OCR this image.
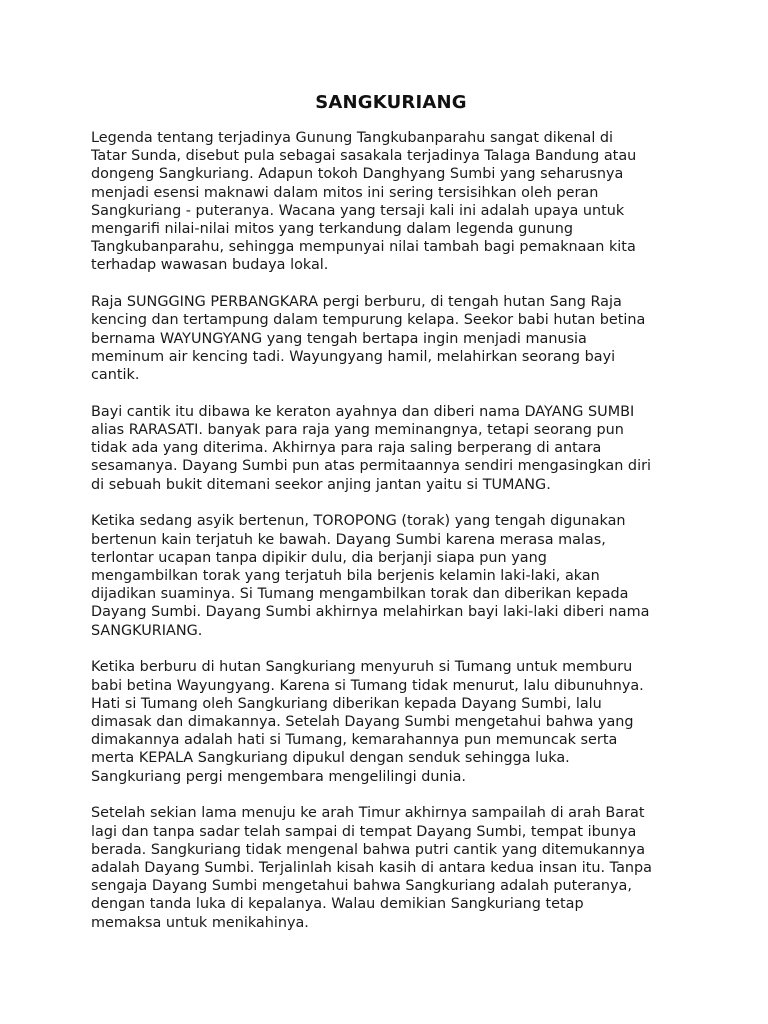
SANGKURIANG

Legenda tentang terjadinya Gunung Tangkubanparahu sangat dikenal di
Tatar Sunda, disebut pula sebagai sasakala terjadinya Talaga Bandung atau
dongeng Sangkuriang. Adapun tokoh Danghyang Sumbi yang seharusnya
menjadi esensi maknawi dalam mitos ini sering tersisihkan oleh peran
Sangkuriang - puteranya. Wacana yang tersaji kali ini adalah upaya untuk
mengarifi nilai-nilai mitos yang terkandung dalam legenda gunung
Tangkubanparahu, sehingga mempunyai nilai tambah bagi pemaknaan kita
terhadap wawasan budaya lokal.

Raja SUNGGING PERBANGKARA pergi berburu, di tengah hutan Sang Raja
kencing dan tertampung dalam tempurung kelapa. Seekor babi hutan betina
bernama WAYUNGYANG yang tengah bertapa ingin menjadi manusia
meminum air kencing tadi. Wayungyang hamil, melahirkan seorang bayi
cantik.

Bayi cantik itu dibawa ke keraton ayahnya dan diberi nama DAYANG SUMBI
alias RARASATI. banyak para raja yang meminangnya, tetapi seorang pun
tidak ada yang diterima. Akhirnya para raja saling berperang di antara
sesamanya. Dayang Sumbi pun atas permitaannya sendiri mengasingkan diri
di sebuah bukit ditemani seekor anjing jantan yaitu si TUMANG.

Ketika sedang asyik bertenun, TOROPONG (torak) yang tengah digunakan
bertenun kain terjatuh ke bawah. Dayang Sumbi karena merasa malas,
terlontar ucapan tanpa dipikir dulu, dia berjanji siapa pun yang
mengambilkan torak yang terjatuh bila berjenis kelamin laki-laki, akan
dijadikan suaminya. Si Tumang mengambilkan torak dan diberikan kepada
Dayang Sumbi. Dayang Sumbi akhirnya melahirkan bayi laki-laki diberi nama
SANGKURIANG.

Ketika berburu di hutan Sangkuriang menyuruh si Tumang untuk memburu
babi betina Wayungyang. Karena si Tumang tidak menurut, lalu dibunuhnya.
Hati si Tumang oleh Sangkuriang diberikan kepada Dayang Sumbi, lalu
dimasak dan dimakannya. Setelah Dayang Sumbi mengetahui bahwa yang
dimakannya adalah hati si Tumang, kemarahannya pun memuncak serta
merta KEPALA Sangkuriang dipukul dengan senduk sehingga luka.
Sangkuriang pergi mengembara mengelilingi dunia.

Setelah sekian lama menuju ke arah Timur akhirnya sampailah di arah Barat
lagi dan tanpa sadar telah sampai di tempat Dayang Sumbi, tempat ibunya
berada. Sangkuriang tidak mengenal bahwa putri cantik yang ditemukannya
adalah Dayang Sumbi. Terjalinlah kisah kasih di antara kedua insan itu. Tanpa
sengaja Dayang Sumbi mengetahui bahwa Sangkuriang adalah puteranya,
dengan tanda luka di kepalanya. Walau demikian Sangkuriang tetap
memaksa untuk menikahinya.
